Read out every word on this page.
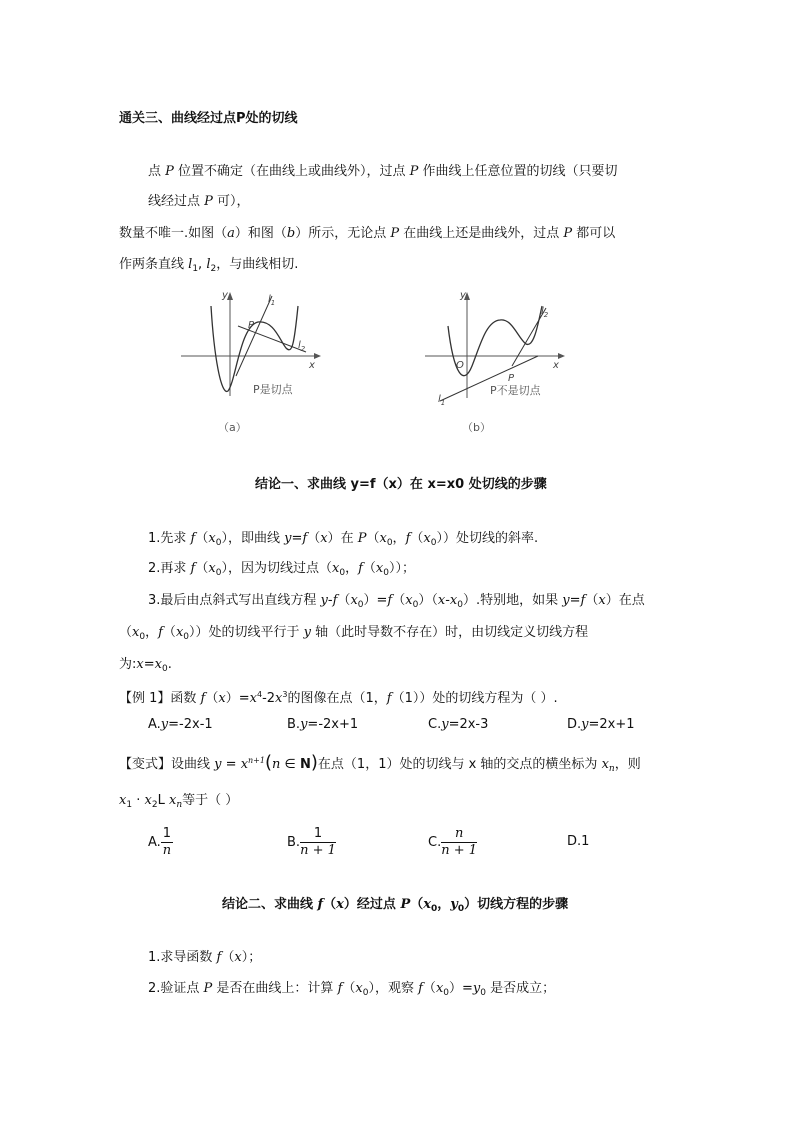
通关三、曲线经过点P处的切线
点 P 位置不确定（在曲线上或曲线外），过点 P 作曲线上任意位置的切线（只要切
线经过点 P 可），
数量不唯一.如图（a）和图（b）所示，无论点 P 在曲线上还是曲线外，过点 P 都可以
作两条直线 $l_1$, $l_2$，与曲线相切.
y
x
$l_1$
$l_2$
P
P是切点
（a）
y
x
O
$l_1$
$l_2$
P
P不是切点
（b）
结论一、求曲线 y=f（x）在 x=x0 处切线的步骤
1.先求 $f(x_0)$，即曲线 y=f（x）在 $P(x_0$，$f(x_0)$）处切线的斜率.
2.再求 $f(x_0)$，因为切线过点（$x_0$，$f(x_0)$）；
3.最后由点斜式写出直线方程 $y-f(x_0)=f(x_0)(x-x_0)$.特别地，如果 y=f（x）在点
（$x_0$，$f(x_0)$）处的切线平行于 y 轴（此时导数不存在）时，由切线定义切线方程
为$:x=x_0$.
【例 1】函数 $f(x)=x^4-2x^3$的图像在点（1，f（1））处的切线方程为（ ）.
A.y=-2x-1	B.y=-2x+1	C.y=2x-3	D.y=2x+1
【变式】设曲线 $y = x^{n+1}(n$ ∈ N)在点（1，1）处的切线与 x 轴的交点的横坐标为 $x_n$，则
$x_1 \cdot x_2L$ $x_n$等于（ ）
A. $\frac{1}{n}$	B. $\frac{1}{n + 1}$	C. $\frac{n}{n + 1}$	D.1
结论二、求曲线 f（x）经过点 $P(x_0$，$y_0$）切线方程的步骤
1.求导函数 f（x）；
2.验证点 P 是否在曲线上：计算 $f(x_0)$，观察 $f(x_0)=y_0$ 是否成立；
